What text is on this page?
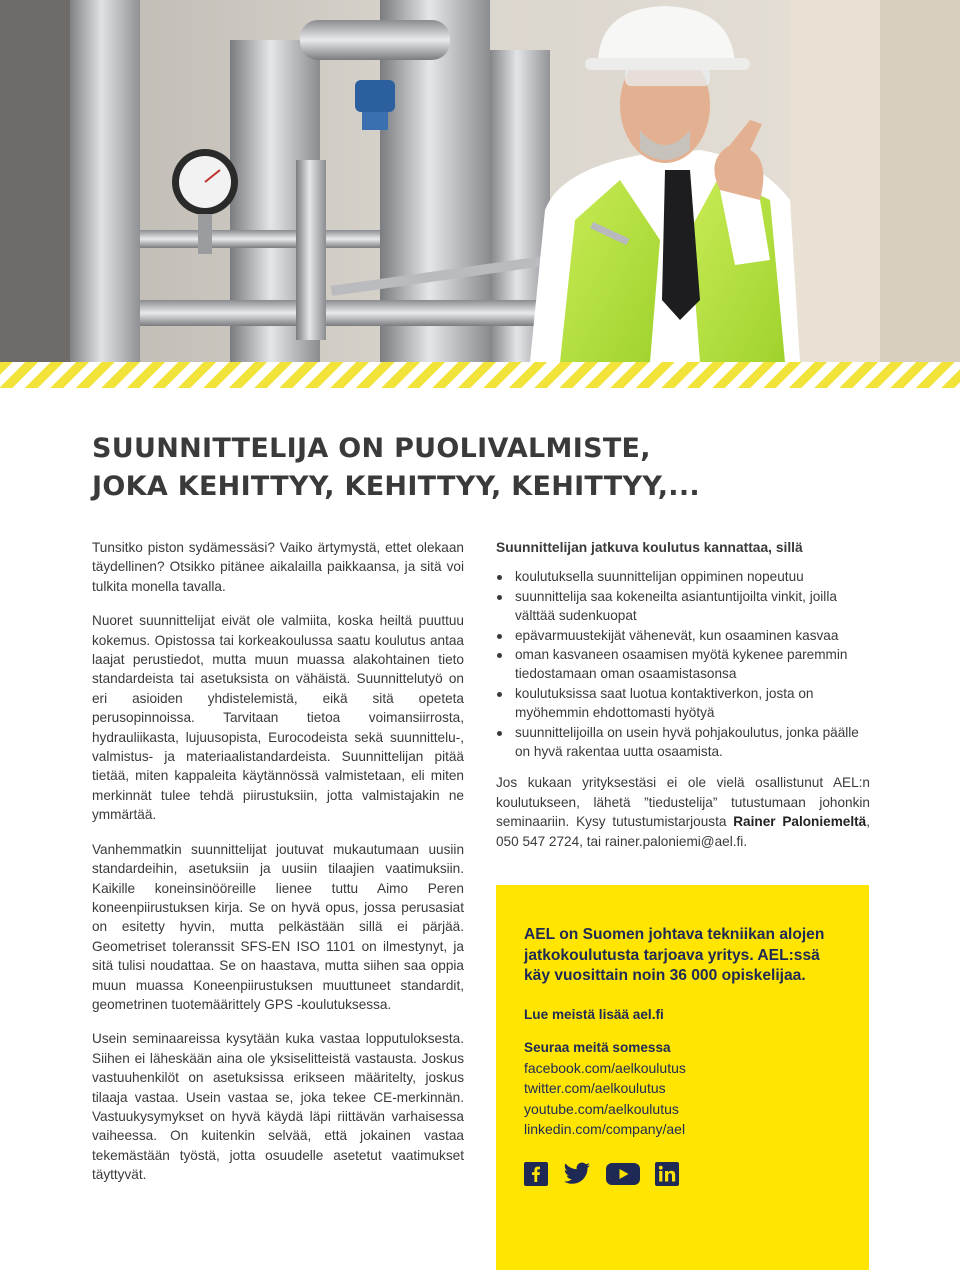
SUUNNITTELIJA ON PUOLIVALMISTE,
JOKA KEHITTYY, KEHITTYY, KEHITTYY,...

Tunsitko piston sydämessäsi? Vaiko ärtymystä, ettet olekaan täydellinen? Otsikko pitänee aikalailla paikkaansa, ja sitä voi tulkita monella tavalla.

Nuoret suunnittelijat eivät ole valmiita, koska heiltä puuttuu kokemus. Opistossa tai korkeakoulussa saatu koulutus antaa laajat perustiedot, mutta muun muassa alakohtainen tieto standardeista tai asetuksista on vähäistä. Suunnittelutyö on eri asioiden yhdistelemistä, eikä sitä opeteta perusopinnoissa. Tarvitaan tietoa voimansiirrosta, hydrauliikasta, lujuusopista, Eurocodeista sekä suunnittelu-, valmistus- ja materiaalistandardeista. Suunnittelijan pitää tietää, miten kappaleita käytännössä valmistetaan, eli miten merkinnät tulee tehdä piirustuksiin, jotta valmistajakin ne ymmärtää.

Vanhemmatkin suunnittelijat joutuvat mukautumaan uusiin standardeihin, asetuksiin ja uusiin tilaajien vaatimuksiin. Kaikille koneinsinööreille lienee tuttu Aimo Peren koneenpiirustuksen kirja. Se on hyvä opus, jossa perusasiat on esitetty hyvin, mutta pelkästään sillä ei pärjää. Geometriset toleranssit SFS-EN ISO 1101 on ilmestynyt, ja sitä tulisi noudattaa. Se on haastava, mutta siihen saa oppia muun muassa Koneenpiirustuksen muuttuneet standardit, geometrinen tuotemäärittely GPS -koulutuksessa.

Usein seminaareissa kysytään kuka vastaa lopputuloksesta. Siihen ei läheskään aina ole yksiselitteistä vastausta. Joskus vastuuhenkilöt on asetuksissa erikseen määritelty, joskus tilaaja vastaa. Usein vastaa se, joka tekee CE-merkinnän. Vastuukysymykset on hyvä käydä läpi riittävän varhaisessa vaiheessa. On kuitenkin selvää, että jokainen vastaa tekemästään työstä, jotta osuudelle asetetut vaatimukset täyttyvät.

Suunnittelijan jatkuva koulutus kannattaa, sillä
koulutuksella suunnittelijan oppiminen nopeutuu
suunnittelija saa kokeneilta asiantuntijoilta vinkit, joilla välttää sudenkuopat
epävarmuustekijät vähenevät, kun osaaminen kasvaa
oman kasvaneen osaamisen myötä kykenee paremmin tiedostamaan oman osaamistasonsa
koulutuksissa saat luotua kontaktiverkon, josta on myöhemmin ehdottomasti hyötyä
suunnittelijoilla on usein hyvä pohjakoulutus, jonka päälle on hyvä rakentaa uutta osaamista.

Jos kukaan yrityksestäsi ei ole vielä osallistunut AEL:n koulutukseen, lähetä ”tiedustelija” tutustumaan johonkin seminaariin. Kysy tutustumistarjousta Rainer Paloniemeltä, 050 547 2724, tai rainer.paloniemi@ael.fi.

AEL on Suomen johtava tekniikan alojen jatkokoulutusta tarjoava yritys. AEL:ssä käy vuosittain noin 36 000 opiskelijaa.

Lue meistä lisää ael.fi

Seuraa meitä somessa

facebook.com/aelkoulutus
twitter.com/aelkoulutus
youtube.com/aelkoulutus
linkedin.com/company/ael
